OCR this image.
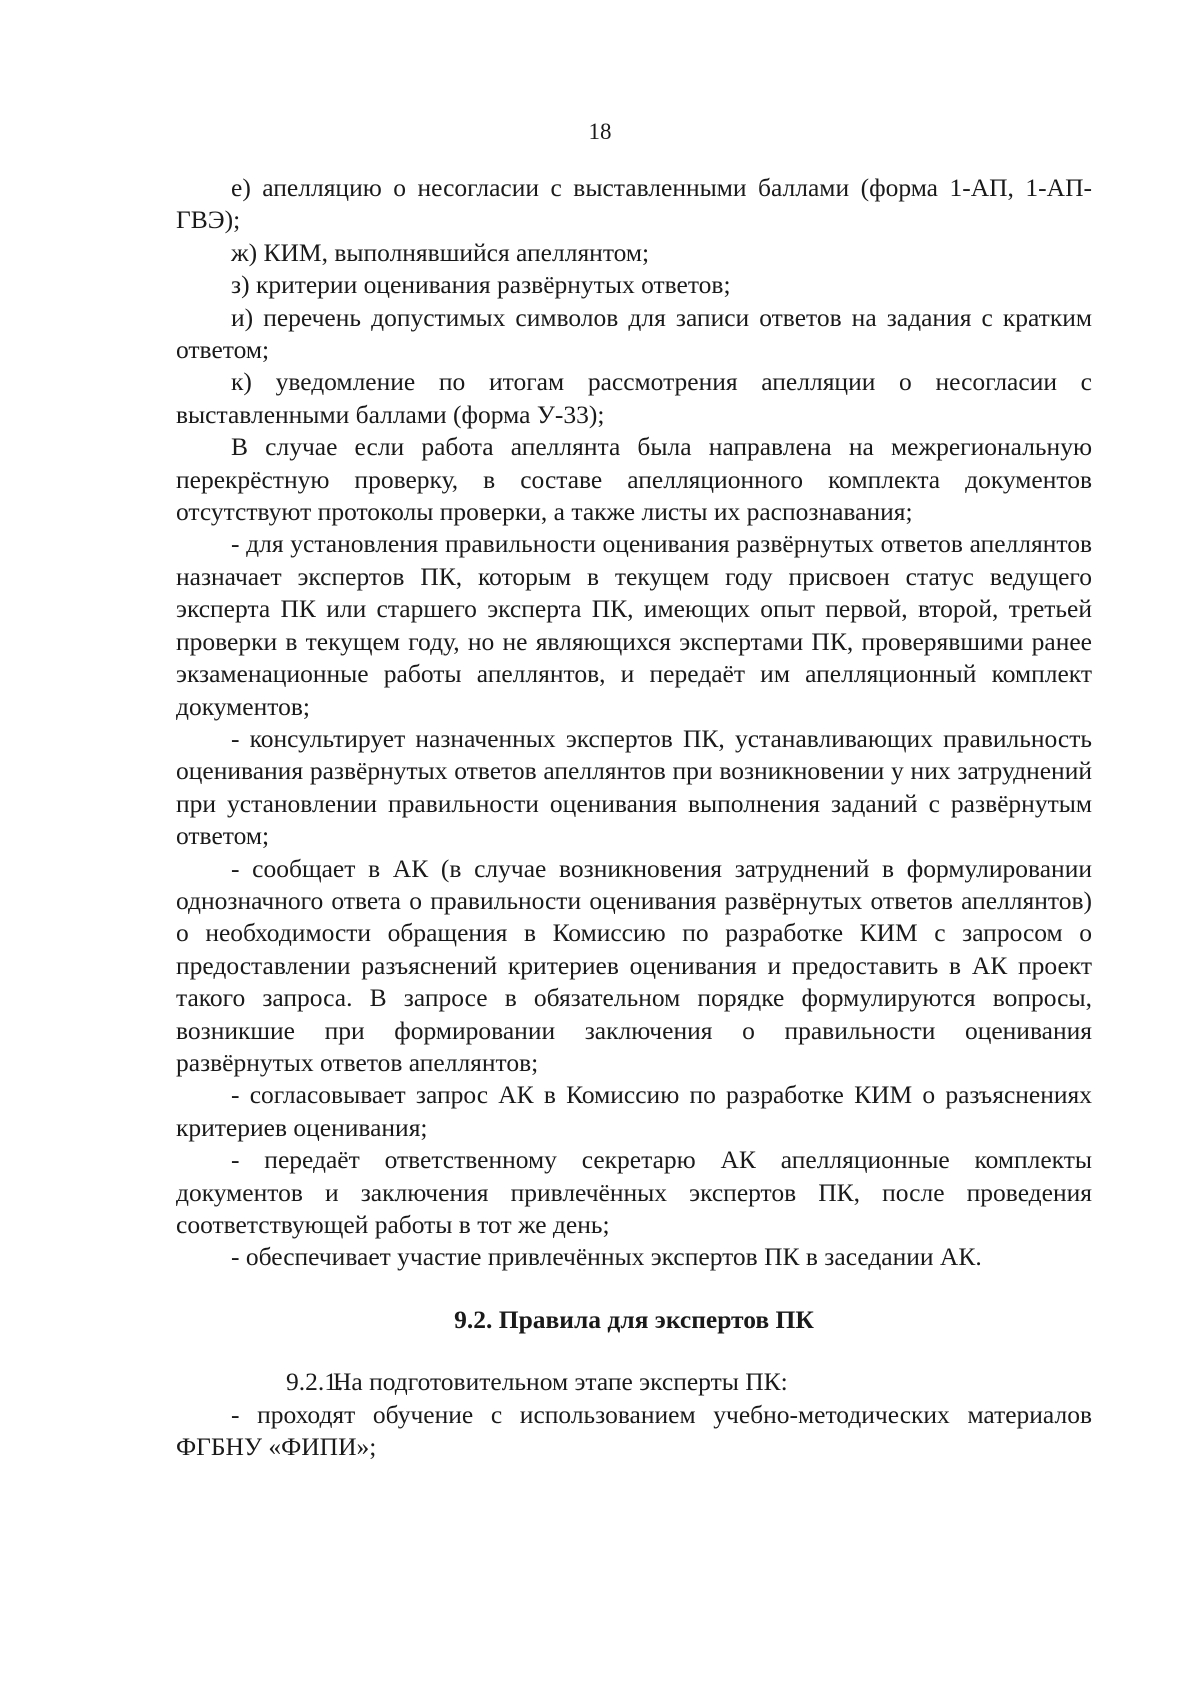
18

е) апелляцию о несогласии с выставленными баллами (форма 1-АП, 1-АП-ГВЭ);

ж) КИМ, выполнявшийся апеллянтом;

з) критерии оценивания развёрнутых ответов;

и) перечень допустимых символов для записи ответов на задания с кратким ответом;

к) уведомление по итогам рассмотрения апелляции о несогласии с выставленными баллами (форма У-33);

В случае если работа апеллянта была направлена на межрегиональную перекрёстную проверку, в составе апелляционного комплекта документов отсутствуют протоколы проверки, а также листы их распознавания;

- для установления правильности оценивания развёрнутых ответов апеллянтов назначает экспертов ПК, которым в текущем году присвоен статус ведущего эксперта ПК или старшего эксперта ПК, имеющих опыт первой, второй, третьей проверки в текущем году, но не являющихся экспертами ПК, проверявшими ранее экзаменационные работы апеллянтов, и передаёт им апелляционный комплект документов;

- консультирует назначенных экспертов ПК, устанавливающих правильность оценивания развёрнутых ответов апеллянтов при возникновении у них затруднений при установлении правильности оценивания выполнения заданий с развёрнутым ответом;

- сообщает в АК (в случае возникновения затруднений в формулировании однозначного ответа о правильности оценивания развёрнутых ответов апеллянтов) о необходимости обращения в Комиссию по разработке КИМ с запросом о предоставлении разъяснений критериев оценивания и предоставить в АК проект такого запроса. В запросе в обязательном порядке формулируются вопросы, возникшие при формировании заключения о правильности оценивания развёрнутых ответов апеллянтов;

- согласовывает запрос АК в Комиссию по разработке КИМ о разъяснениях критериев оценивания;

- передаёт ответственному секретарю АК апелляционные комплекты документов и заключения привлечённых экспертов ПК, после проведения соответствующей работы в тот же день;

- обеспечивает участие привлечённых экспертов ПК в заседании АК.

9.2. Правила для экспертов ПК

9.2.1.На подготовительном этапе эксперты ПК:

- проходят обучение с использованием учебно-методических материалов ФГБНУ «ФИПИ»;
